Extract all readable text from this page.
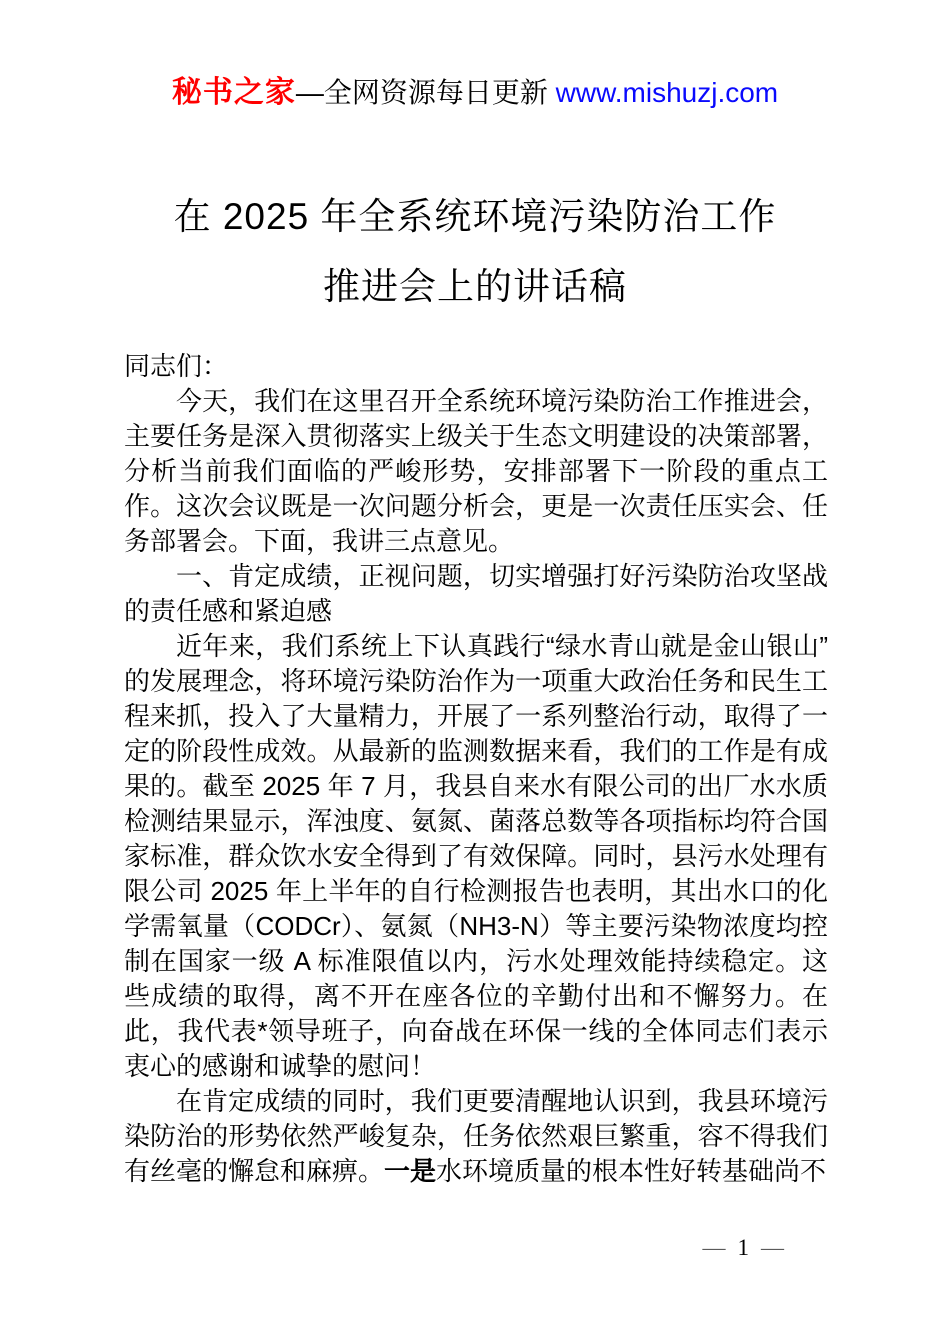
秘书之家—全网资源每日更新 www.mishuzj.com
在 2025 年全系统环境污染防治工作
推进会上的讲话稿

同志们：

今天，我们在这里召开全系统环境污染防治工作推进会，主要任务是深入贯彻落实上级关于生态文明建设的决策部署，分析当前我们面临的严峻形势，安排部署下一阶段的重点工作。这次会议既是一次问题分析会，更是一次责任压实会、任务部署会。下面，我讲三点意见。

一、肯定成绩，正视问题，切实增强打好污染防治攻坚战的责任感和紧迫感

近年来，我们系统上下认真践行“绿水青山就是金山银山”的发展理念，将环境污染防治作为一项重大政治任务和民生工程来抓，投入了大量精力，开展了一系列整治行动，取得了一定的阶段性成效。从最新的监测数据来看，我们的工作是有成果的。截至 2025 年 7 月，我县自来水有限公司的出厂水水质检测结果显示，浑浊度、氨氮、菌落总数等各项指标均符合国家标准，群众饮水安全得到了有效保障。同时，县污水处理有限公司 2025 年上半年的自行检测报告也表明，其出水口的化学需氧量（CODCr）、氨氮（NH3-N）等主要污染物浓度均控制在国家一级 A 标准限值以内，污水处理效能持续稳定。这些成绩的取得，离不开在座各位的辛勤付出和不懈努力。在此，我代表*领导班子，向奋战在环保一线的全体同志们表示衷心的感谢和诚挚的慰问！

在肯定成绩的同时，我们更要清醒地认识到，我县环境污染防治的形势依然严峻复杂，任务依然艰巨繁重，容不得我们有丝毫的懈怠和麻痹。一是水环境质量的根本性好转基础尚不

— 1 —
